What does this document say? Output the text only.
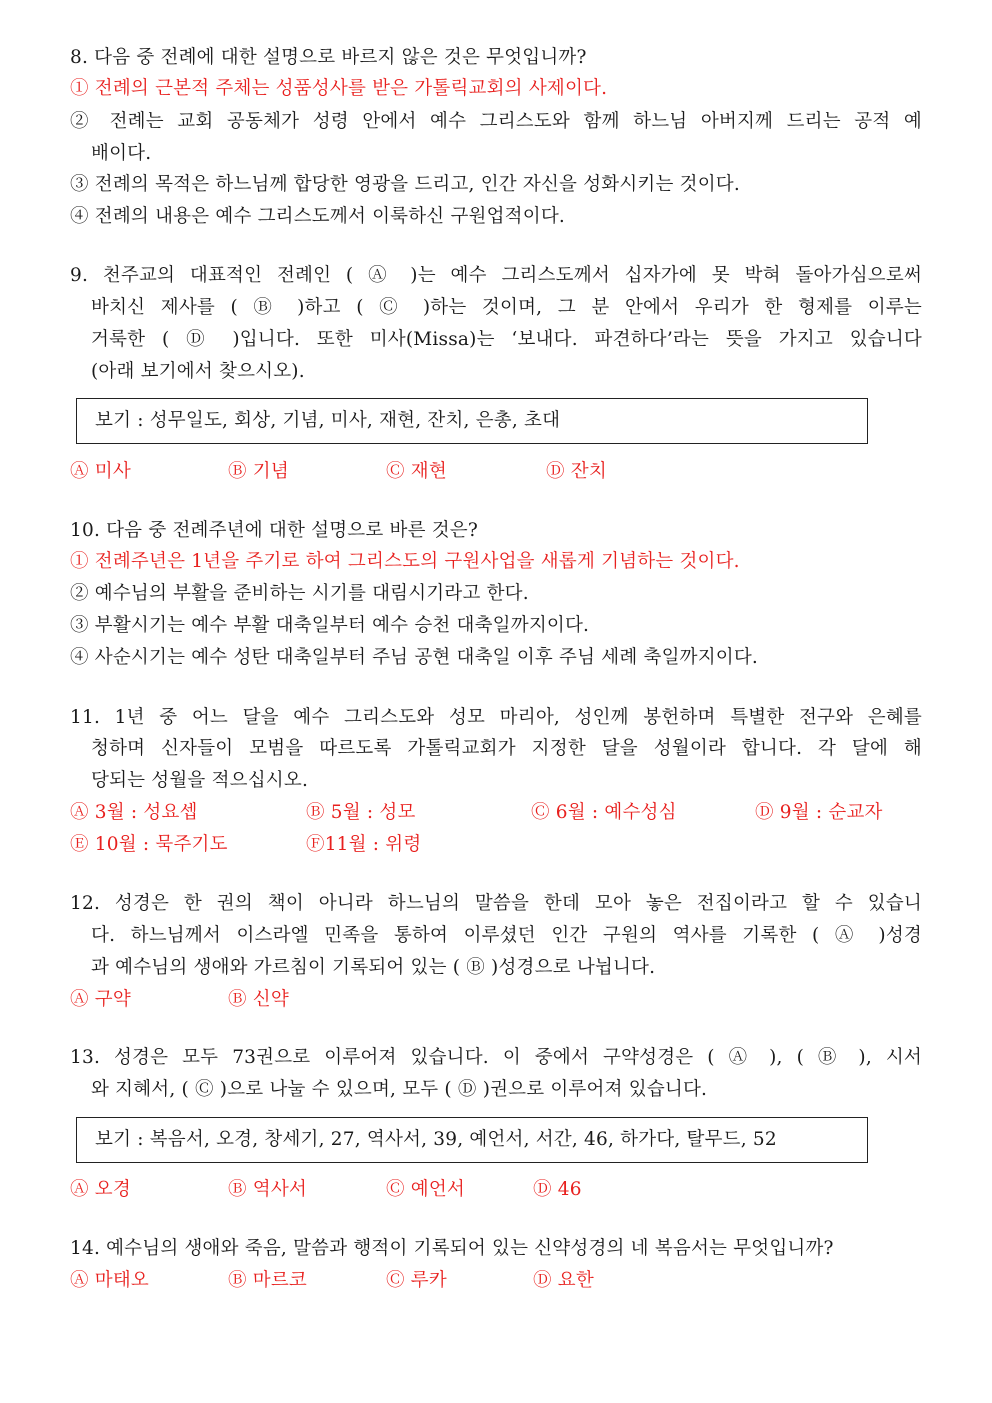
8. 다음 중 전례에 대한 설명으로 바르지 않은 것은 무엇입니까?
① 전례의 근본적 주체는 성품성사를 받은 가톨릭교회의 사제이다.
② 전례는 교회 공동체가 성령 안에서 예수 그리스도와 함께 하느님 아버지께 드리는 공적 예
배이다.
③ 전례의 목적은 하느님께 합당한 영광을 드리고, 인간 자신을 성화시키는 것이다.
④ 전례의 내용은 예수 그리스도께서 이룩하신 구원업적이다.
9. 천주교의 대표적인 전례인 ( Ⓐ )는 예수 그리스도께서 십자가에 못 박혀 돌아가심으로써
바치신 제사를 ( Ⓑ )하고 ( Ⓒ )하는 것이며, 그 분 안에서 우리가 한 형제를 이루는
거룩한 ( Ⓓ )입니다. 또한 미사(Missa)는 ‘보내다. 파견하다’라는 뜻을 가지고 있습니다
(아래 보기에서 찾으시오).
보기 : 성무일도, 회상, 기념, 미사, 재현, 잔치, 은총, 초대
Ⓐ 미사	Ⓑ 기념	Ⓒ 재현	Ⓓ 잔치
10. 다음 중 전례주년에 대한 설명으로 바른 것은?
① 전례주년은 1년을 주기로 하여 그리스도의 구원사업을 새롭게 기념하는 것이다.
② 예수님의 부활을 준비하는 시기를 대림시기라고 한다.
③ 부활시기는 예수 부활 대축일부터 예수 승천 대축일까지이다.
④ 사순시기는 예수 성탄 대축일부터 주님 공현 대축일 이후 주님 세례 축일까지이다.
11. 1년 중 어느 달을 예수 그리스도와 성모 마리아, 성인께 봉헌하며 특별한 전구와 은혜를
청하며 신자들이 모범을 따르도록 가톨릭교회가 지정한 달을 성월이라 합니다. 각 달에 해
당되는 성월을 적으십시오.
Ⓐ 3월 : 성요셉	Ⓑ 5월 : 성모	Ⓒ 6월 : 예수성심	Ⓓ 9월 : 순교자
Ⓔ 10월 : 묵주기도	Ⓕ11월 : 위령
12. 성경은 한 권의 책이 아니라 하느님의 말씀을 한데 모아 놓은 전집이라고 할 수 있습니
다. 하느님께서 이스라엘 민족을 통하여 이루셨던 인간 구원의 역사를 기록한 ( Ⓐ )성경
과 예수님의 생애와 가르침이 기록되어 있는 ( Ⓑ )성경으로 나뉩니다.
Ⓐ 구약	Ⓑ 신약
13. 성경은 모두 73권으로 이루어져 있습니다. 이 중에서 구약성경은 ( Ⓐ ), ( Ⓑ ), 시서
와 지혜서, ( Ⓒ )으로 나눌 수 있으며, 모두 ( Ⓓ )권으로 이루어져 있습니다.
보기 : 복음서, 오경, 창세기, 27, 역사서, 39, 예언서, 서간, 46, 하가다, 탈무드, 52
Ⓐ 오경	Ⓑ 역사서	Ⓒ 예언서	Ⓓ 46
14. 예수님의 생애와 죽음, 말씀과 행적이 기록되어 있는 신약성경의 네 복음서는 무엇입니까?
Ⓐ 마태오	Ⓑ 마르코	Ⓒ 루카	Ⓓ 요한
